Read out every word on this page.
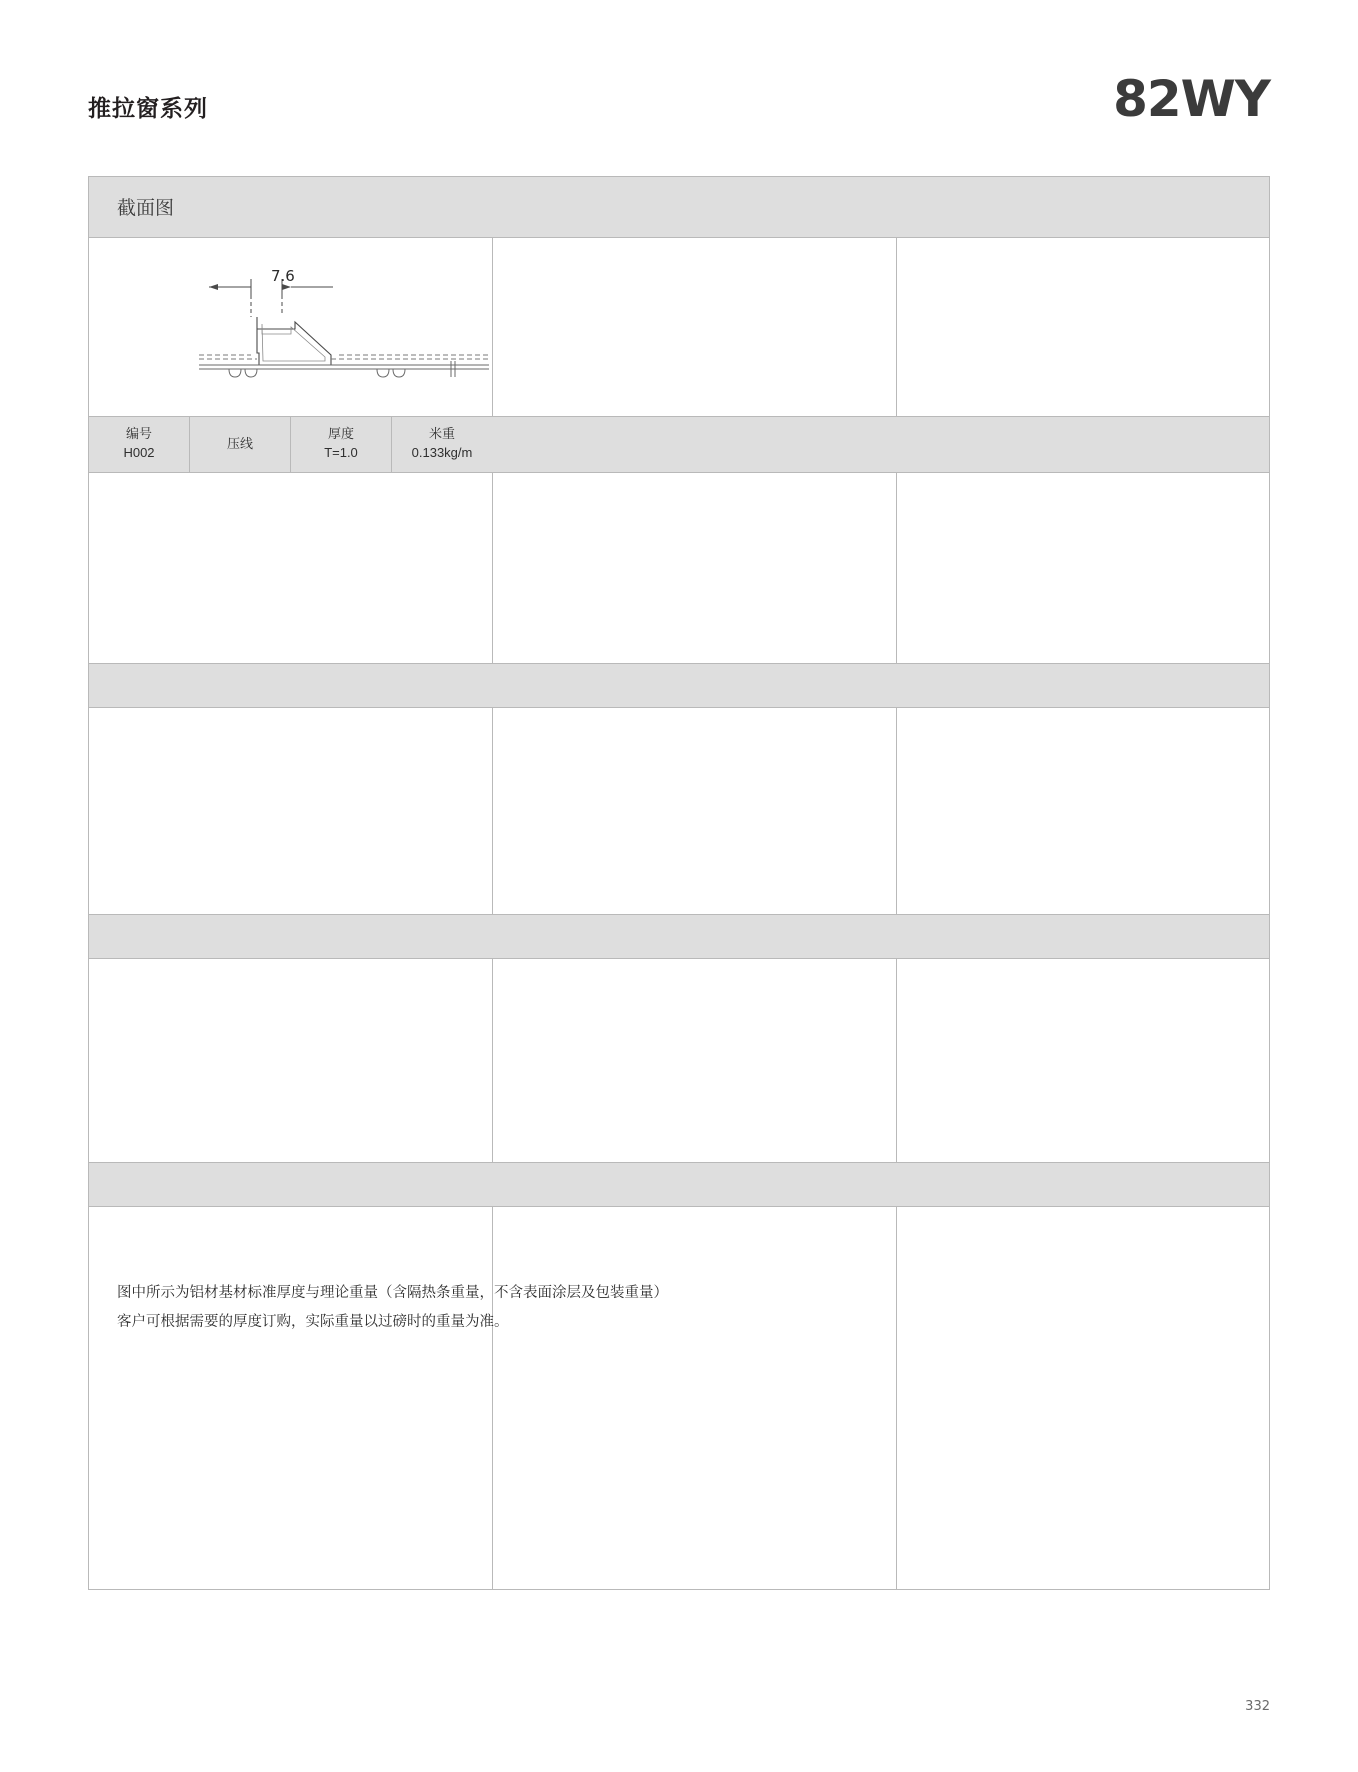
推拉窗系列	82WY
截面图
7.6
编号
H002
压线
厚度
T=1.0
米重
0.133kg/m
图中所示为铝材基材标准厚度与理论重量（含隔热条重量，不含表面涂层及包装重量）
客户可根据需要的厚度订购，实际重量以过磅时的重量为准。
332
